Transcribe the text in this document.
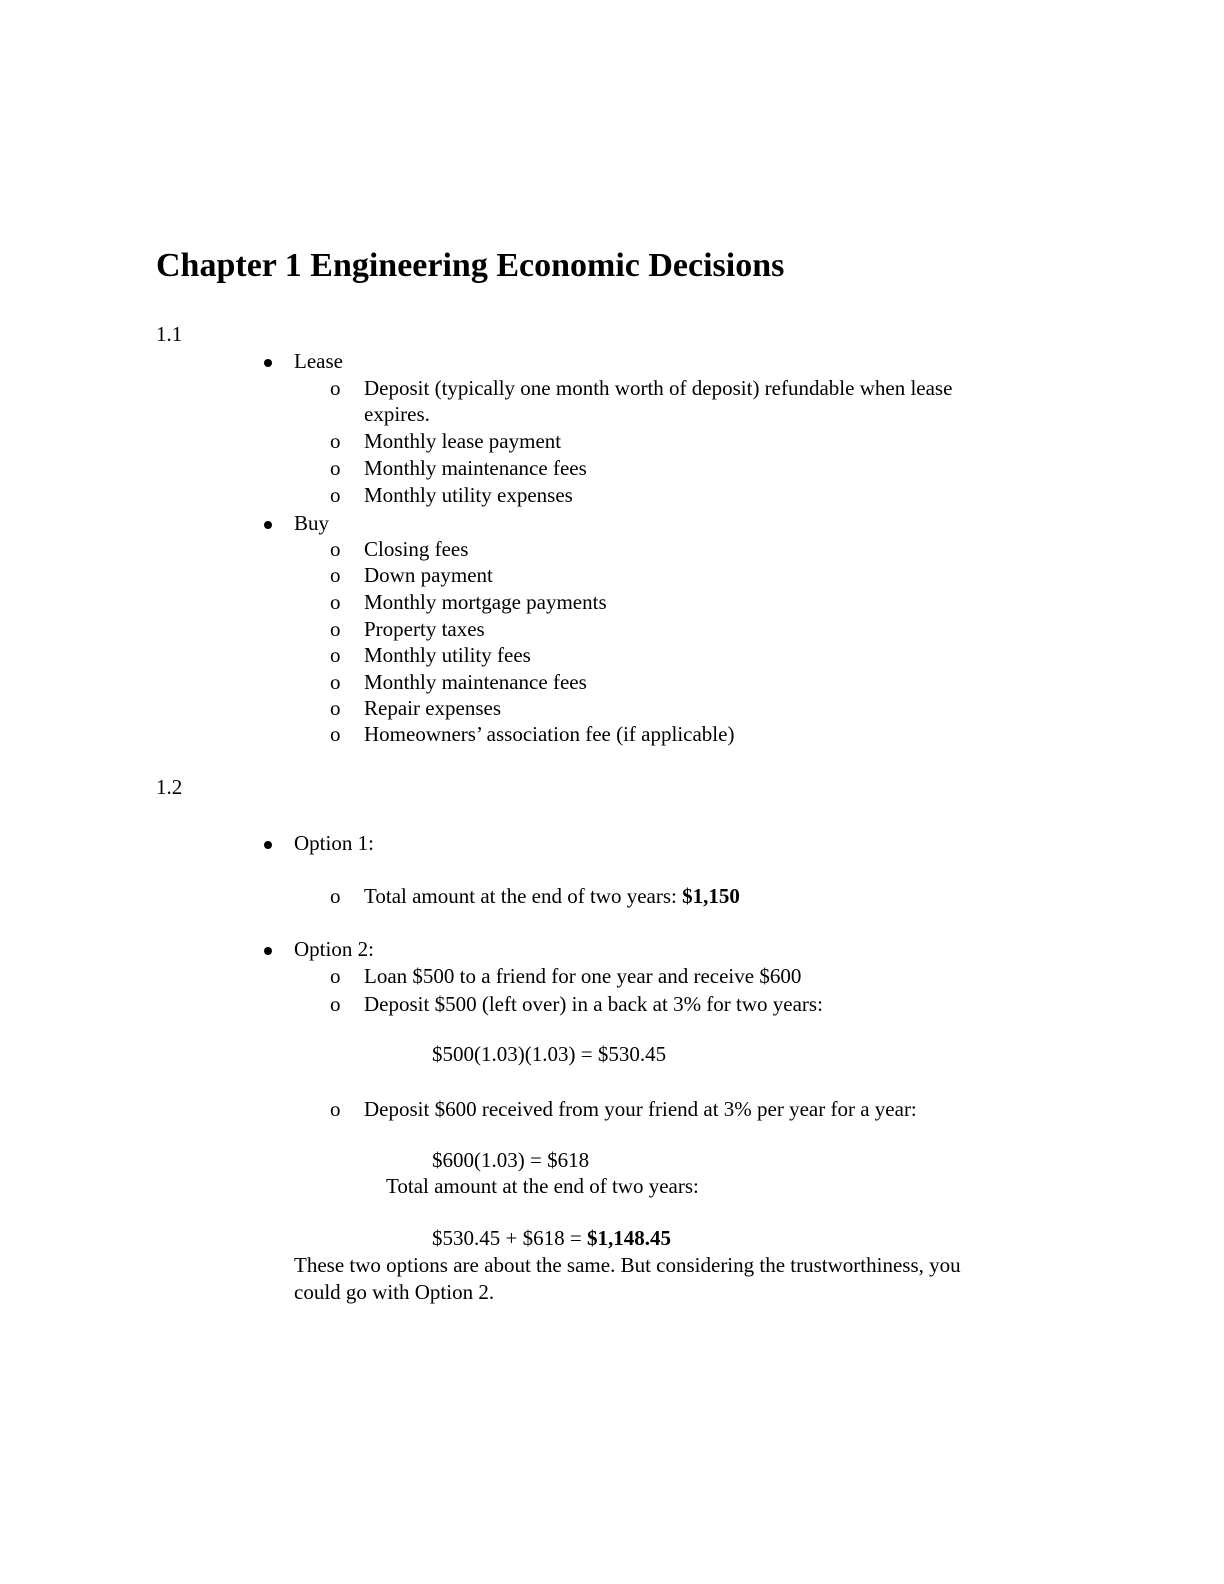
Chapter 1 Engineering Economic Decisions
1.1
Lease
o Deposit (typically one month worth of deposit) refundable when lease
expires.
o Monthly lease payment
o Monthly maintenance fees
o Monthly utility expenses
Buy
o Closing fees
o Down payment
o Monthly mortgage payments
o Property taxes
o Monthly utility fees
o Monthly maintenance fees
o Repair expenses
o Homeowners’ association fee (if applicable)
1.2
Option 1:
o Total amount at the end of two years: $1,150
Option 2:
o Loan $500 to a friend for one year and receive $600
o Deposit $500 (left over) in a back at 3% for two years:
$500(1.03)(1.03) = $530.45
o Deposit $600 received from your friend at 3% per year for a year:
$600(1.03) = $618
Total amount at the end of two years:
$530.45 + $618 = $1,148.45
These two options are about the same. But considering the trustworthiness, you
could go with Option 2.
